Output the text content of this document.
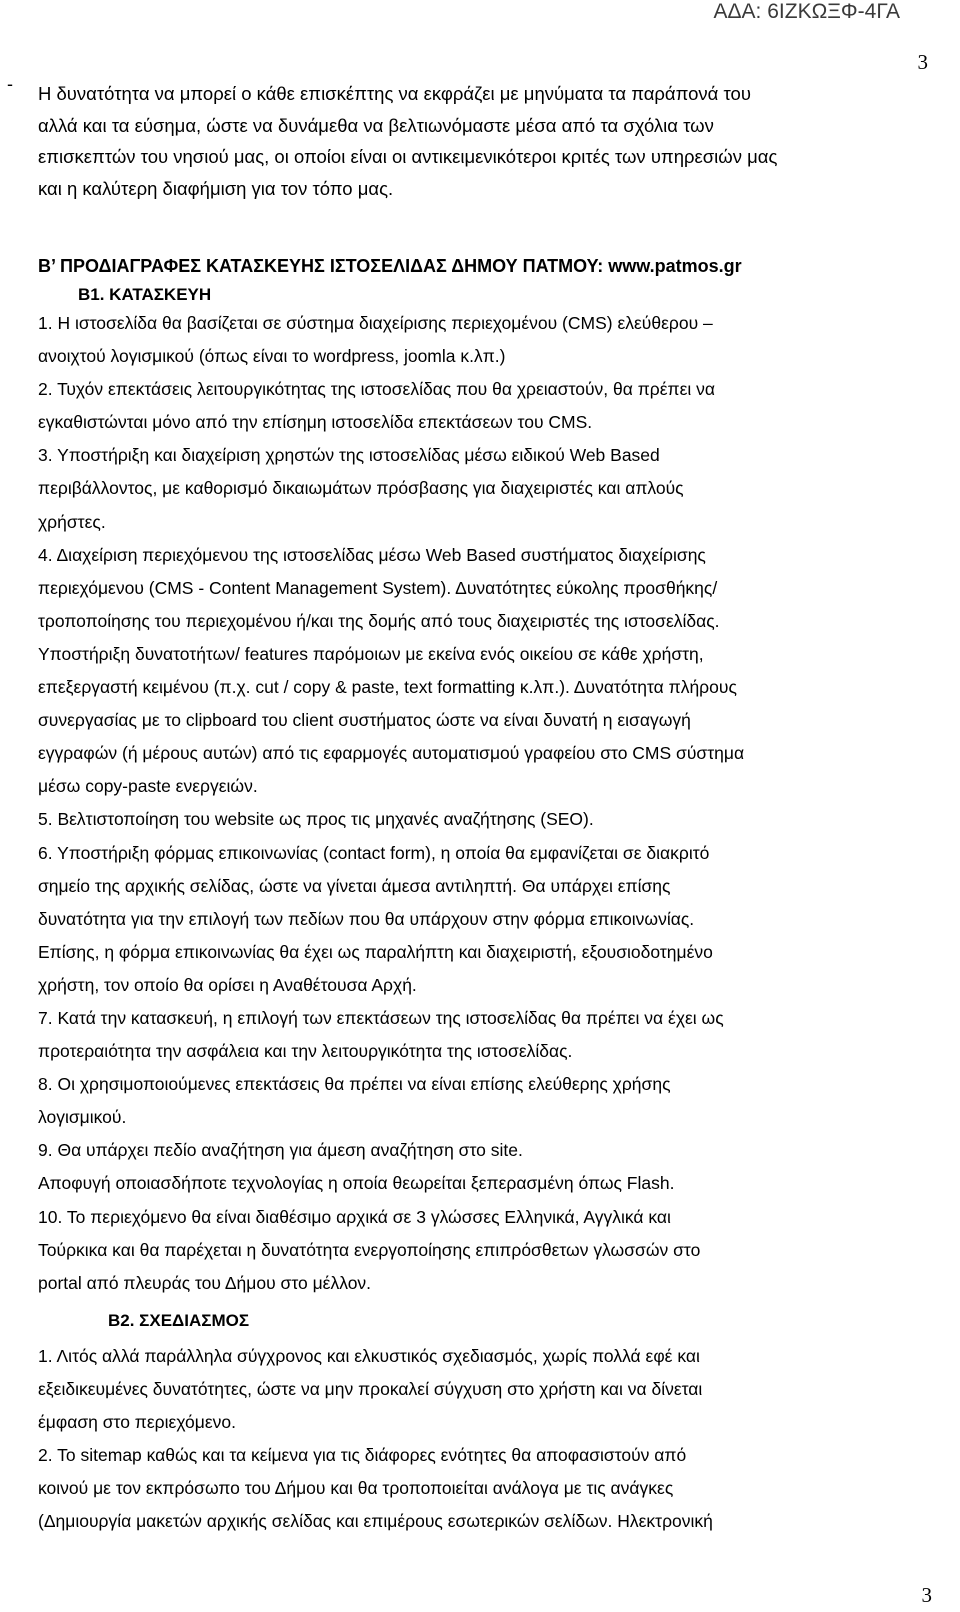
ΑΔΑ: 6ΙΖΚΩΞΦ-4ΓΑ
3
- Η δυνατότητα να μπορεί ο κάθε επισκέπτης να εκφράζει με μηνύματα τα παράπονά του
αλλά και τα εύσημα, ώστε να δυνάμεθα να βελτιωνόμαστε μέσα από τα σχόλια των
επισκεπτών του νησιού μας, οι οποίοι είναι οι αντικειμενικότεροι κριτές των υπηρεσιών μας
και η καλύτερη διαφήμιση για τον τόπο μας.
Β’ ΠΡΟΔΙΑΓΡΑΦΕΣ ΚΑΤΑΣΚΕΥΗΣ ΙΣΤΟΣΕΛΙΔΑΣ ΔΗΜΟΥ ΠΑΤΜΟΥ: www.patmos.gr
Β1. ΚΑΤΑΣΚΕΥΗ
1. Η ιστοσελίδα θα βασίζεται σε σύστημα διαχείρισης περιεχομένου (CMS) ελεύθερου –
ανοιχτού λογισμικού (όπως είναι το wordpress, joomla κ.λπ.)
2. Τυχόν επεκτάσεις λειτουργικότητας της ιστοσελίδας που θα χρειαστούν, θα πρέπει να
εγκαθιστώνται μόνο από την επίσημη ιστοσελίδα επεκτάσεων του CMS.
3. Υποστήριξη και διαχείριση χρηστών της ιστοσελίδας μέσω ειδικού Web Based
περιβάλλοντος, με καθορισμό δικαιωμάτων πρόσβασης για διαχειριστές και απλούς
χρήστες.
4. Διαχείριση περιεχόμενου της ιστοσελίδας μέσω Web Based συστήματος διαχείρισης
περιεχόμενου (CMS - Content Management System). Δυνατότητες εύκολης προσθήκης/
τροποποίησης του περιεχομένου ή/και της δομής από τους διαχειριστές της ιστοσελίδας.
Υποστήριξη δυνατοτήτων/ features παρόμοιων με εκείνα ενός οικείου σε κάθε χρήστη,
επεξεργαστή κειμένου (π.χ. cut / copy & paste, text formatting κ.λπ.). Δυνατότητα πλήρους
συνεργασίας με το clipboard του client συστήματος ώστε να είναι δυνατή η εισαγωγή
εγγραφών (ή μέρους αυτών) από τις εφαρμογές αυτοματισμού γραφείου στο CMS σύστημα
μέσω copy-paste ενεργειών.
5. Βελτιστοποίηση του website ως προς τις μηχανές αναζήτησης (SEO).
6. Υποστήριξη φόρμας επικοινωνίας (contact form), η οποία θα εμφανίζεται σε διακριτό
σημείο της αρχικής σελίδας, ώστε να γίνεται άμεσα αντιληπτή. Θα υπάρχει επίσης
δυνατότητα για την επιλογή των πεδίων που θα υπάρχουν στην φόρμα επικοινωνίας.
Επίσης, η φόρμα επικοινωνίας θα έχει ως παραλήπτη και διαχειριστή, εξουσιοδοτημένο
χρήστη, τον οποίο θα ορίσει η Αναθέτουσα Αρχή.
7. Κατά την κατασκευή, η επιλογή των επεκτάσεων της ιστοσελίδας θα πρέπει να έχει ως
προτεραιότητα την ασφάλεια και την λειτουργικότητα της ιστοσελίδας.
8. Οι χρησιμοποιούμενες επεκτάσεις θα πρέπει να είναι επίσης ελεύθερης χρήσης
λογισμικού.
9. Θα υπάρχει πεδίο αναζήτηση για άμεση αναζήτηση στο site.
Αποφυγή οποιασδήποτε τεχνολογίας η οποία θεωρείται ξεπερασμένη όπως Flash.
10. Το περιεχόμενο θα είναι διαθέσιμο αρχικά σε 3 γλώσσες Ελληνικά, Αγγλικά και
Τούρκικα και θα παρέχεται η δυνατότητα ενεργοποίησης επιπρόσθετων γλωσσών στο
portal από πλευράς του Δήμου στο μέλλον.
Β2. ΣΧΕΔΙΑΣΜΟΣ
1. Λιτός αλλά παράλληλα σύγχρονος και ελκυστικός σχεδιασμός, χωρίς πολλά εφέ και
εξειδικευμένες δυνατότητες, ώστε να μην προκαλεί σύγχυση στο χρήστη και να δίνεται
έμφαση στο περιεχόμενο.
2. Το sitemap καθώς και τα κείμενα για τις διάφορες ενότητες θα αποφασιστούν από
κοινού με τον εκπρόσωπο του Δήμου και θα τροποποιείται ανάλογα με τις ανάγκες
(Δημιουργία μακετών αρχικής σελίδας και επιμέρους εσωτερικών σελίδων. Ηλεκτρονική
3
